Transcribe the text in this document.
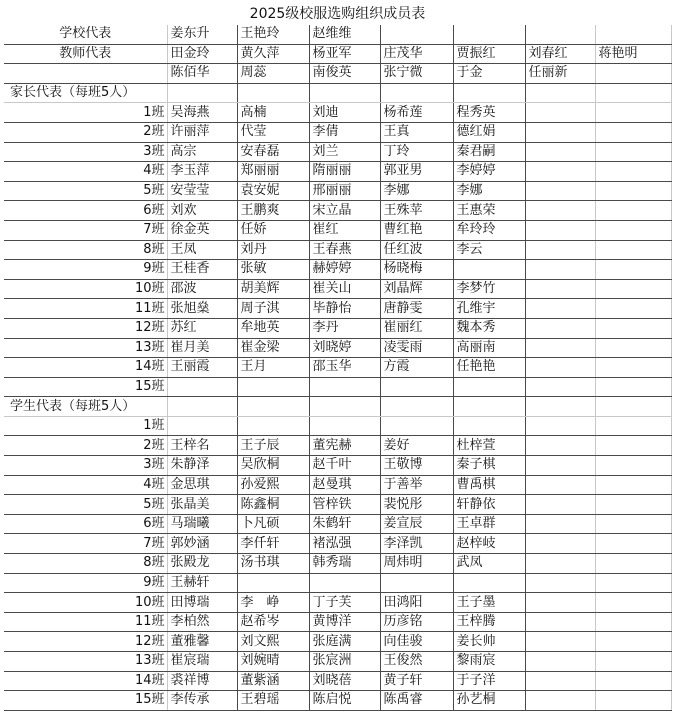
2025级校服选购组织成员表
学校代表	姜东升	王艳玲	赵维维				
教师代表	田金玲	黄久萍	杨亚军	庄茂华	贾振红	刘春红	蒋艳明
	陈佰华	周蕊	南俊英	张宁微	于金	任丽新	
家长代表（每班5人）							
1班	吴海燕	高楠	刘迪	杨希莲	程秀英		
2班	许丽萍	代莹	李倩	王真	德红娟		
3班	高宗	安春磊	刘兰	丁玲	秦君嗣		
4班	李玉萍	郑丽丽	隋丽丽	郭亚男	李婷婷		
5班	安莹莹	袁安妮	邢丽丽	李娜	李娜		
6班	刘欢	王鹏爽	宋立晶	王殊苹	王惠荣		
7班	徐金英	任娇	崔红	曹红艳	牟玲玲		
8班	王凤	刘丹	王春燕	任红波	李云		
9班	王桂香	张敏	赫婷婷	杨晓梅			
10班	邵波	胡美辉	崔关山	刘晶辉	李梦竹		
11班	张旭燊	周子淇	毕静怡	唐静雯	孔维宇		
12班	苏红	牟地英	李丹	崔丽红	魏本秀		
13班	崔月美	崔金梁	刘晓婷	凌雯雨	高丽南		
14班	王丽霞	王月	邵玉华	方霞	任艳艳		
15班							
学生代表（每班5人）							
1班							
2班	王梓名	王子辰	董宪赫	姜好	杜梓萱		
3班	朱静泽	吴欣桐	赵千叶	王敬博	秦子棋		
4班	金思琪	孙爱熙	赵曼琪	于善举	曹禹棋		
5班	张晶美	陈鑫桐	管梓铁	裴悦彤	轩静依		
6班	马瑞曦	卜凡硕	朱鹤轩	姜宣辰	王卓群		
7班	郭妙涵	李仟轩	褚泓强	李泽凯	赵梓岐		
8班	张殿龙	汤书琪	韩秀瑞	周炜明	武凤		
9班	王赫轩						
10班	田博瑞	李　峥	丁子芙	田鸿阳	王子墨		
11班	李柏然	赵希岑	黄博洋	历彦铭	王梓腾		
12班	董雅馨	刘文熙	张庭满	向佳骏	姜长帅		
13班	崔宸瑞	刘婉晴	张宸洲	王俊然	黎雨宸		
14班	裘祥博	董紫涵	刘晓蓓	黄子轩	于子洋		
15班	李传承	王碧瑶	陈启悦	陈禹睿	孙艺桐		
